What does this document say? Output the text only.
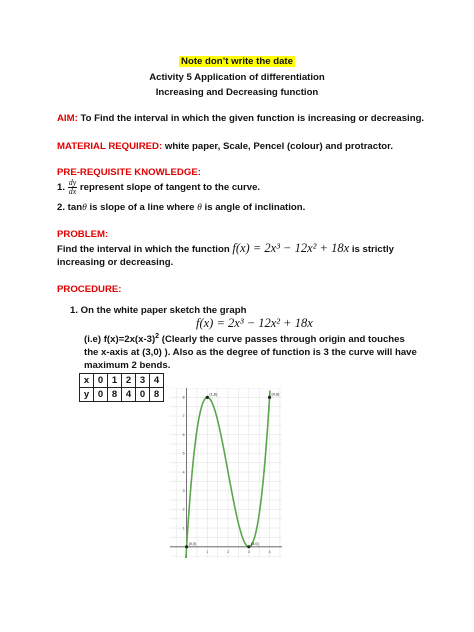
Note don’t write the date
Activity 5 Application of differentiation
Increasing and Decreasing function
AIM: To Find the interval in which the given function is increasing or decreasing.
MATERIAL REQUIRED: white paper, Scale, Pencel (colour) and protractor.
PRE-REQUISITE KNOWLEDGE:
1. $\frac{dy}{dx}$ represent slope of tangent to the curve.
2. tanθ is slope of a line where θ is angle of inclination.
PROBLEM:
Find the interval in which the function f(x) = 2x³ − 12x² + 18x is strictly
increasing or decreasing.
PROCEDURE:
1. On the white paper sketch the graph
f(x) = 2x³ − 12x² + 18x
(i.e) $f(x)=2x(x-3)^2$ (Clearly the curve passes through origin and touches
the x-axis at (3,0) ). Also as the degree of function is 3 the curve will have
maximum 2 bends.
x	0	1	2	3	4
y	0	8	4	0	8
1	2	3	4
1
2
3
4
5
6
7
8
(1,8)	(4,8)
(0,0)	(3,0)
